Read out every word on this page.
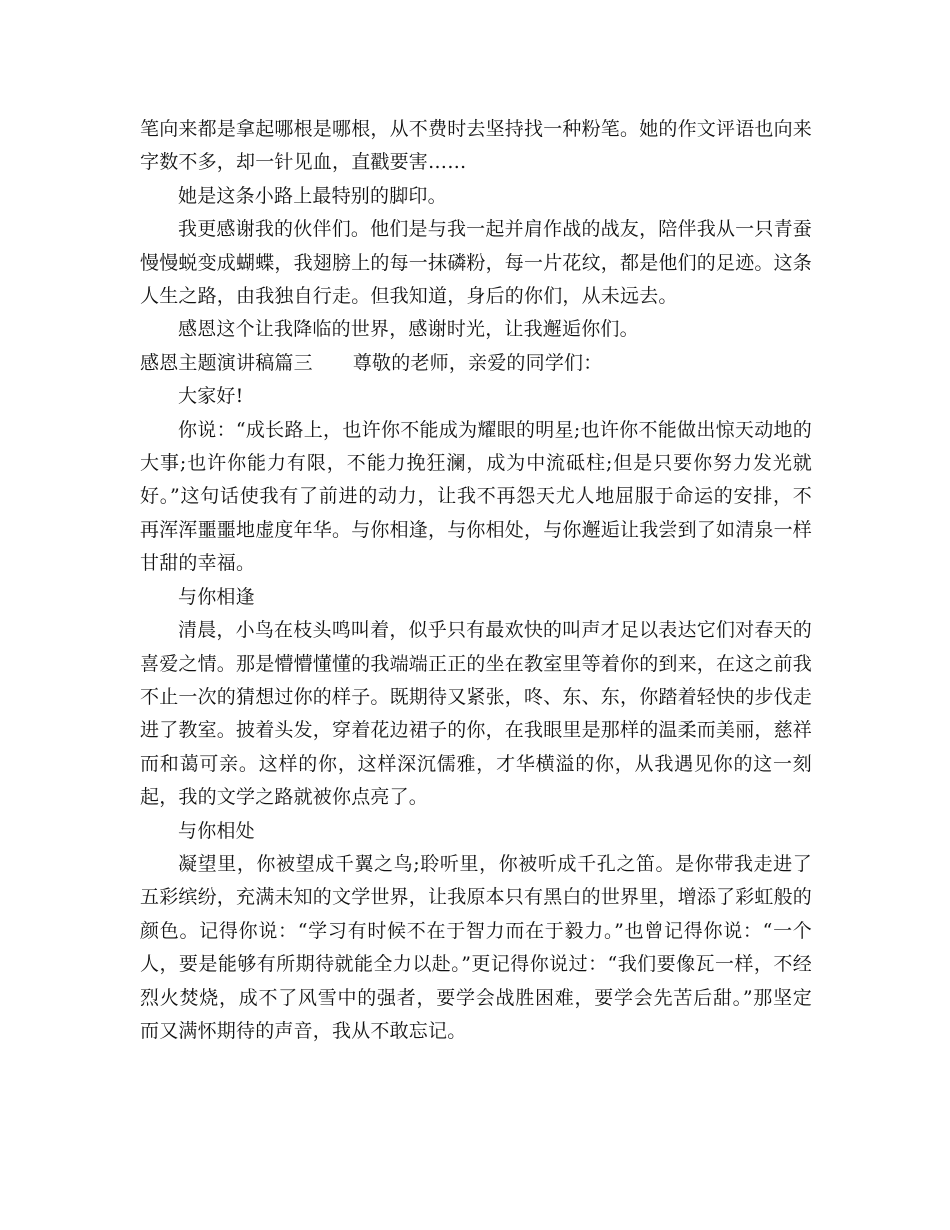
笔向来都是拿起哪根是哪根，从不费时去坚持找一种粉笔。她的作文评语也向来字数不多，却一针见血，直戳要害……

她是这条小路上最特别的脚印。

我更感谢我的伙伴们。他们是与我一起并肩作战的战友，陪伴我从一只青蚕慢慢蜕变成蝴蝶，我翅膀上的每一抹磷粉，每一片花纹，都是他们的足迹。这条人生之路，由我独自行走。但我知道，身后的你们，从未远去。

感恩这个让我降临的世界，感谢时光，让我邂逅你们。

感恩主题演讲稿篇三 尊敬的老师，亲爱的同学们：

大家好!

你说：“成长路上，也许你不能成为耀眼的明星;也许你不能做出惊天动地的大事;也许你能力有限，不能力挽狂澜，成为中流砥柱;但是只要你努力发光就好。”这句话使我有了前进的动力，让我不再怨天尤人地屈服于命运的安排，不再浑浑噩噩地虚度年华。与你相逢，与你相处，与你邂逅让我尝到了如清泉一样甘甜的幸福。

与你相逢

清晨，小鸟在枝头鸣叫着，似乎只有最欢快的叫声才足以表达它们对春天的喜爱之情。那是懵懵懂懂的我端端正正的坐在教室里等着你的到来，在这之前我不止一次的猜想过你的样子。既期待又紧张，咚、东、东，你踏着轻快的步伐走进了教室。披着头发，穿着花边裙子的你，在我眼里是那样的温柔而美丽，慈祥而和蔼可亲。这样的你，这样深沉儒雅，才华横溢的你，从我遇见你的这一刻起，我的文学之路就被你点亮了。

与你相处

凝望里，你被望成千翼之鸟;聆听里，你被听成千孔之笛。是你带我走进了五彩缤纷，充满未知的文学世界，让我原本只有黑白的世界里，增添了彩虹般的颜色。记得你说：“学习有时候不在于智力而在于毅力。”也曾记得你说：“一个人，要是能够有所期待就能全力以赴。”更记得你说过：“我们要像瓦一样，不经烈火焚烧，成不了风雪中的强者，要学会战胜困难，要学会先苦后甜。”那坚定而又满怀期待的声音，我从不敢忘记。
